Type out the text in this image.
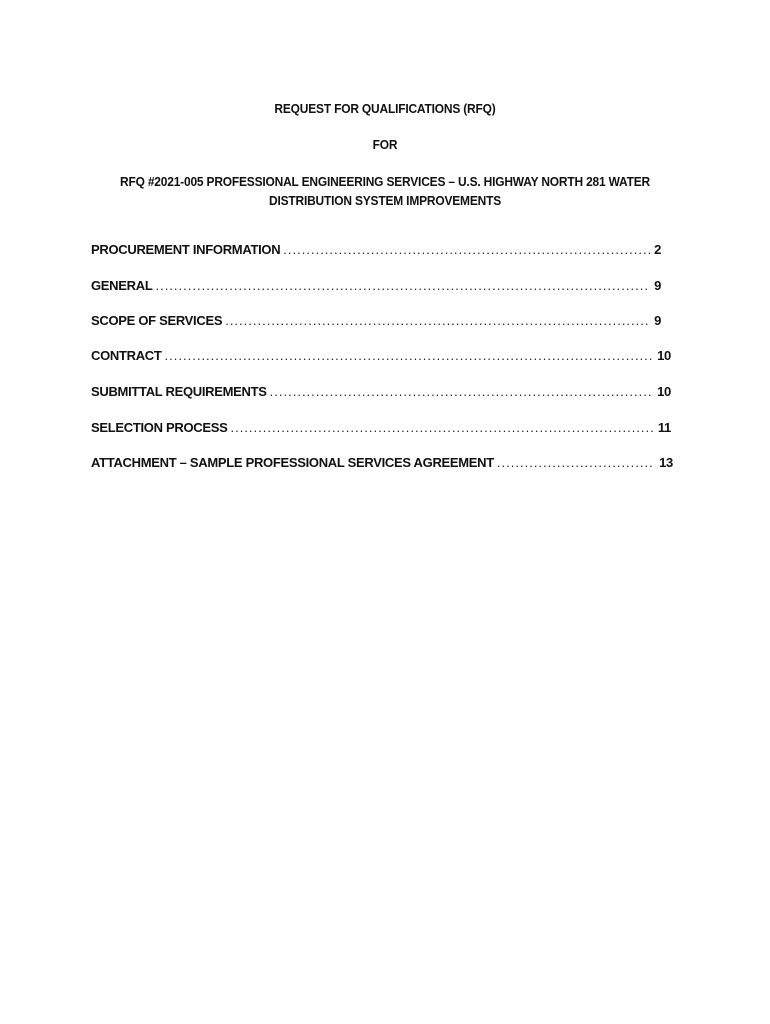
REQUEST FOR QUALIFICATIONS (RFQ)
FOR
RFQ #2021-005 PROFESSIONAL ENGINEERING SERVICES – U.S. HIGHWAY NORTH 281 WATER
DISTRIBUTION SYSTEM IMPROVEMENTS
PROCUREMENT INFORMATION .....	2
GENERAL .....	9
SCOPE OF SERVICES .....	9
CONTRACT .....	10
SUBMITTAL REQUIREMENTS .....	10
SELECTION PROCESS .....	11
ATTACHMENT – SAMPLE PROFESSIONAL SERVICES AGREEMENT .....	13
